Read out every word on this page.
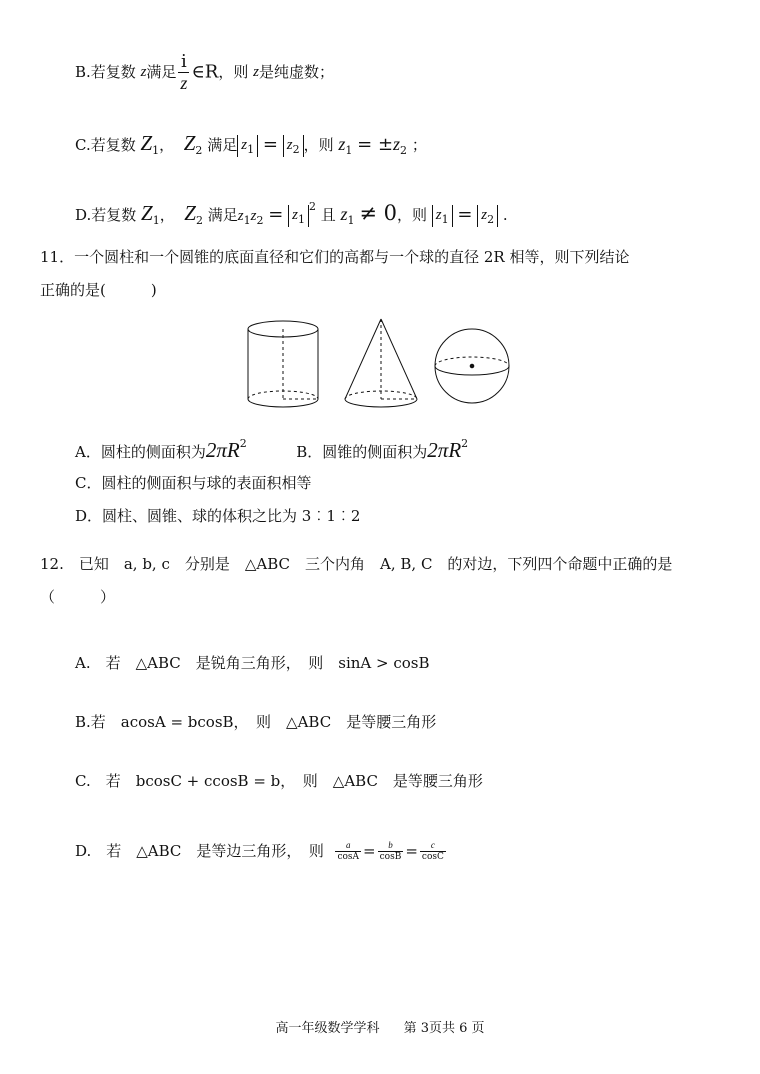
B.若复数 z满足 $\frac{i}{z}$ ∈R，则 z是纯虚数；
C.若复数 $Z_1$， $Z_2$ 满足 $z_1 = z_2$ ，则 $z_1 = \pm z_2$ ；
D.若复数 $Z_1$， $Z_2$ 满足$z_1z_2 = z_1^2$ 且 $z_1 \ne 0$，则 $z_1 = z_2$ .
11．一个圆柱和一个圆锥的底面直径和它们的高都与一个球的直径 2R 相等，则下列结论
正确的是(　　　)
A．圆柱的侧面积为$2\pi R^2$	B．圆锥的侧面积为$2\pi R^2$
C．圆柱的侧面积与球的表面积相等
D．圆柱、圆锥、球的体积之比为 3︰1︰2
12.　已知　a, b, c　分别是　△ABC　三个内角　A, B, C　的对边，下列四个命题中正确的是
（　　　）
A.　若　△ABC　是锐角三角形，　则　sinA > cosB
B.若　acosA = bcosB，　则　△ABC　是等腰三角形
C.　若　bcosC + ccosB = b，　则　△ABC　是等腰三角形
D.　若　△ABC　是等边三角形，　则 $\frac{a}{\cos A} = \frac{b}{\cos B} = \frac{c}{\cos C}$
高一年级数学学科 第 3页共 6 页
